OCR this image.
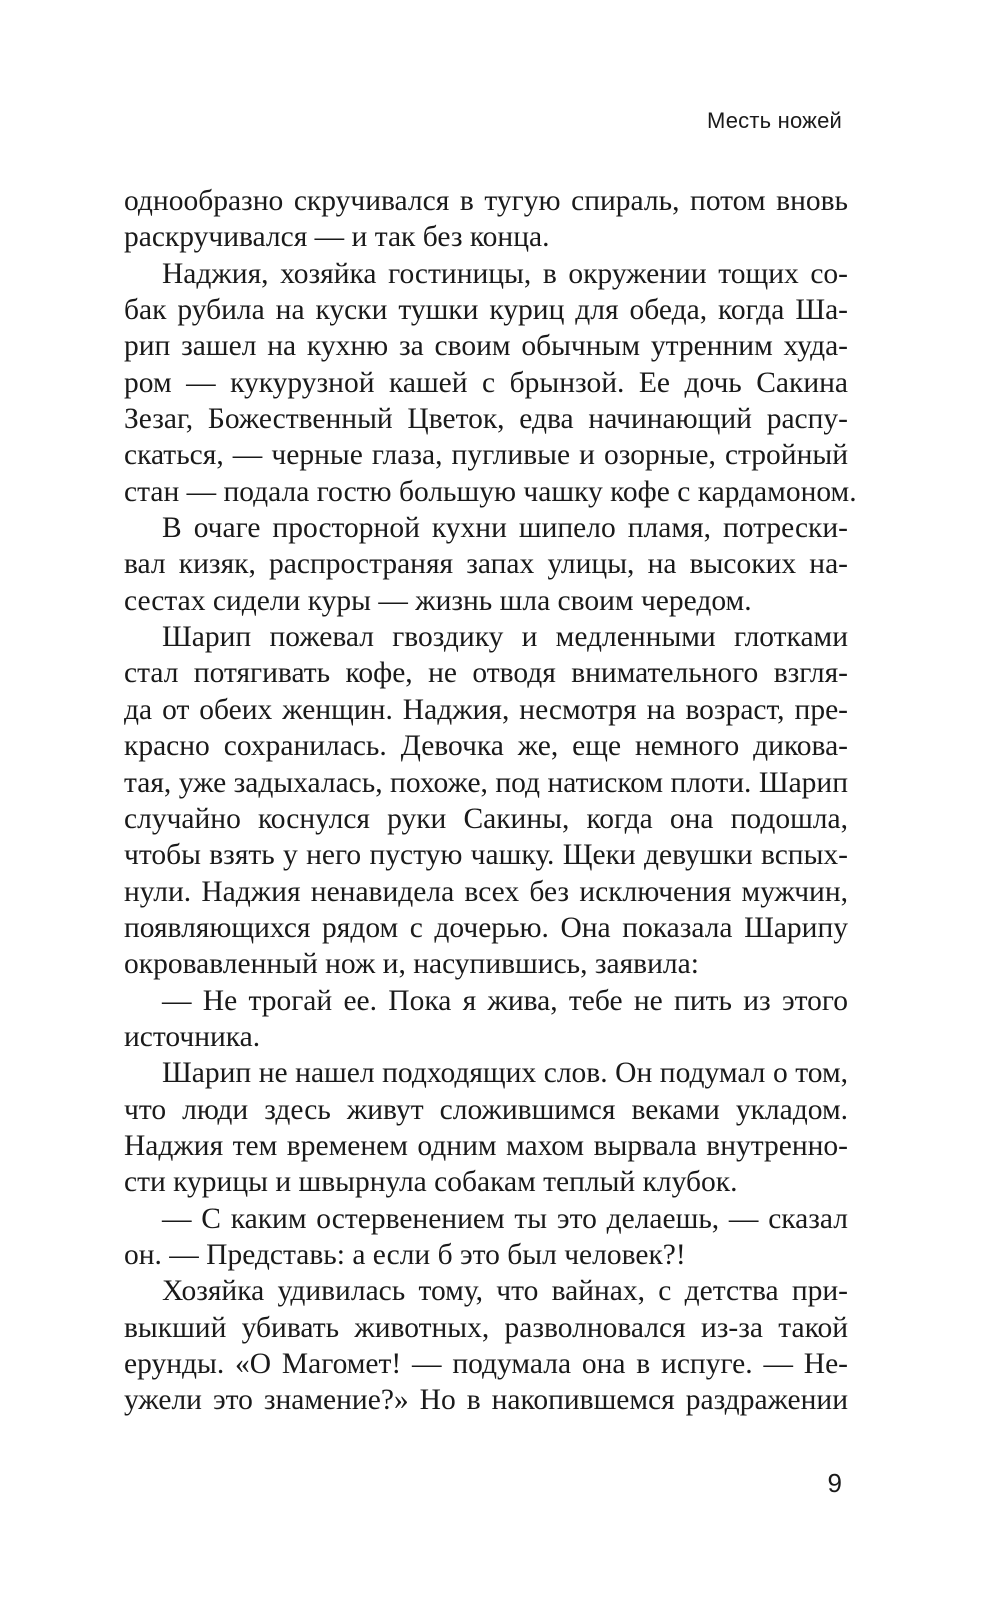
Месть ножей
однообразно скручивался в тугую спираль, потом вновь
раскручивался — и так без конца.
Наджия, хозяйка гостиницы, в окружении тощих со-
бак рубила на куски тушки куриц для обеда, когда Ша-
рип зашел на кухню за своим обычным утренним худа-
ром — кукурузной кашей с брынзой. Ее дочь Сакина
Зезаг, Божественный Цветок, едва начинающий распу-
скаться, — черные глаза, пугливые и озорные, стройный
стан — подала гостю большую чашку кофе с кардамоном.
В очаге просторной кухни шипело пламя, потрески-
вал кизяк, распространяя запах улицы, на высоких на-
сестах сидели куры — жизнь шла своим чередом.
Шарип пожевал гвоздику и медленными глотками
стал потягивать кофе, не отводя внимательного взгля-
да от обеих женщин. Наджия, несмотря на возраст, пре-
красно сохранилась. Девочка же, еще немного дикова-
тая, уже задыхалась, похоже, под натиском плоти. Шарип
случайно коснулся руки Сакины, когда она подошла,
чтобы взять у него пустую чашку. Щеки девушки вспых-
нули. Наджия ненавидела всех без исключения мужчин,
появляющихся рядом с дочерью. Она показала Шарипу
окровавленный нож и, насупившись, заявила:
— Не трогай ее. Пока я жива, тебе не пить из этого
источника.
Шарип не нашел подходящих слов. Он подумал о том,
что люди здесь живут сложившимся веками укладом.
Наджия тем временем одним махом вырвала внутренно-
сти курицы и швырнула собакам теплый клубок.
— С каким остервенением ты это делаешь, — сказал
он. — Представь: а если б это был человек?!
Хозяйка удивилась тому, что вайнах, с детства при-
выкший убивать животных, разволновался из-за такой
ерунды. «О Магомет! — подумала она в испуге. — Не-
ужели это знамение?» Но в накопившемся раздражении
9
